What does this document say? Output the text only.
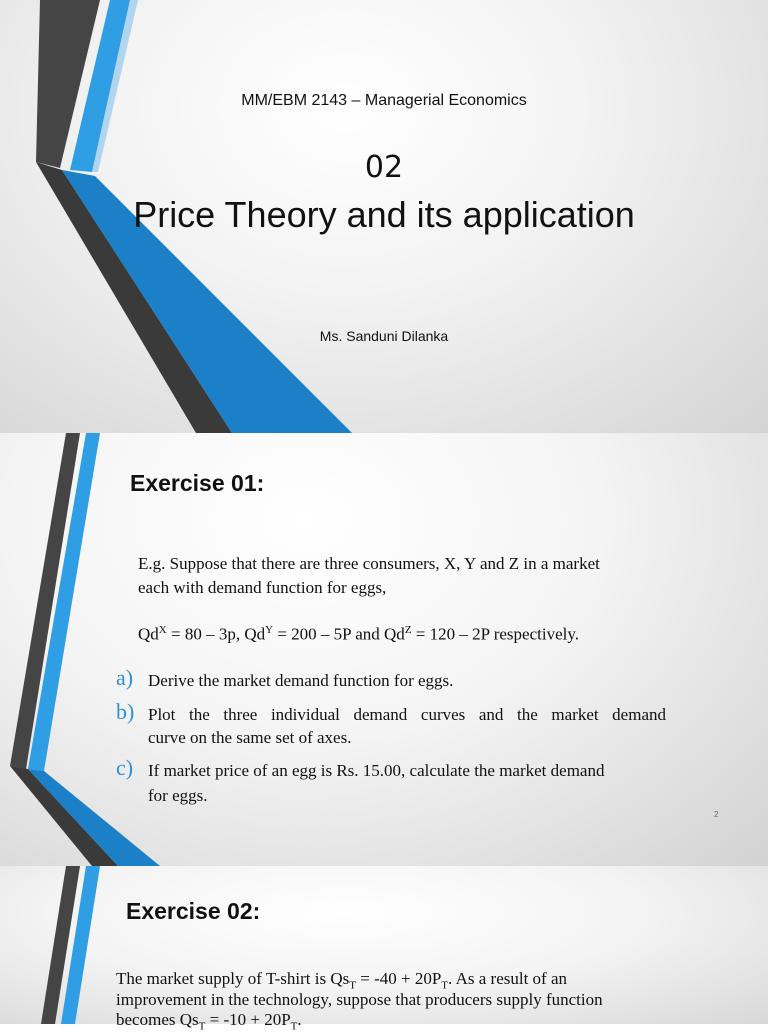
MM/EBM 2143 – Managerial Economics

02

Price Theory and its application

Ms. Sanduni Dilanka

Exercise 01:

E.g. Suppose that there are three consumers, X, Y and Z in a market

each with demand function for eggs,

$Qd^X = 80 - 3p$, $Qd^Y = 200 - 5P$ and $Qd^Z = 120 - 2P$ respectively.

a) Derive the market demand function for eggs.

b) Plot the three individual demand curves and the market demand

curve on the same set of axes.

c) If market price of an egg is Rs. 15.00, calculate the market demand

for eggs.

2

Exercise 02:

The market supply of T-shirt is $Qs_T = -40 + 20P_T$. As a result of an

improvement in the technology, suppose that producers supply function

becomes $Qs_T = -10 + 20P_T$.
